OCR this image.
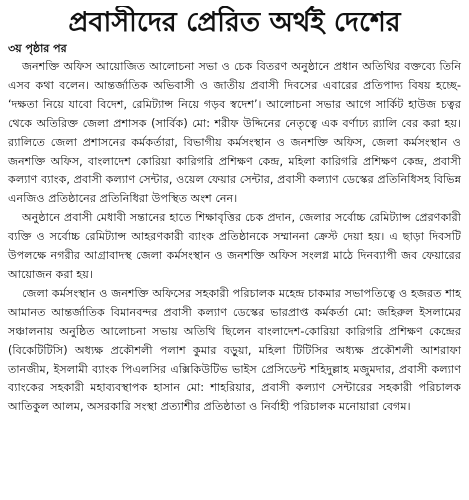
প্রবাসীদের প্রেরিত অর্থই দেশের
৩য় পৃষ্ঠার পর

জনশক্তি অফিস আয়োজিত আলোচনা সভা ও চেক বিতরণ অনুষ্ঠানে প্রধান অতিথির বক্তব্যে তিনি এসব কথা বলেন। আন্তর্জাতিক অভিবাসী ও জাতীয় প্রবাসী দিবসের এবারের প্রতিপাদ্য বিষয় হচ্ছে- ‘দক্ষতা নিয়ে যাবো বিদেশ, রেমিট্যান্স নিয়ে গড়ব স্বদেশ’। আলোচনা সভার আগে সার্কিট হাউজ চত্বর থেকে অতিরিক্ত জেলা প্রশাসক (সার্বিক) মো: শরীফ উদ্দিনের নেতৃত্বে এক বর্ণাঢ্য র‍্যালি বের করা হয়। র‍্যালিতে জেলা প্রশাসনের কর্মকর্তারা, বিভাগীয় কর্মসংস্থান ও জনশক্তি অফিস, জেলা কর্মসংস্থান ও জনশক্তি অফিস, বাংলাদেশ কোরিয়া কারিগরি প্রশিক্ষণ কেন্দ্র, মহিলা কারিগরি প্রশিক্ষণ কেন্দ্র, প্রবাসী কল্যাণ ব্যাংক, প্রবাসী কল্যাণ সেন্টার, ওয়েল ফেয়ার সেন্টার, প্রবাসী কল্যাণ ডেস্কের প্রতিনিধিসহ বিভিন্ন এনজিও প্রতিষ্ঠানের প্রতিনিধিরা উপস্থিত অংশ নেন।

অনুষ্ঠানে প্রবাসী মেধাবী সন্তানের হাতে শিক্ষাবৃত্তির চেক প্রদান, জেলার সর্বোচ্চ রেমিট্যান্স প্রেরণকারী ব্যক্তি ও সর্বোচ্চ রেমিট্যান্স আহরণকারী ব্যাংক প্রতিষ্ঠানকে সম্মাননা ক্রেস্ট দেয়া হয়। এ ছাড়া দিবসটি উপলক্ষে নগরীর আগ্রাবাদস্থ জেলা কর্মসংস্থান ও জনশক্তি অফিস সংলগ্ন মাঠে দিনব্যাপী জব ফেয়ারের আয়োজন করা হয়।

জেলা কর্মসংস্থান ও জনশক্তি অফিসের সহকারী পরিচালক মহেন্দ্র চাকমার সভাপতিত্বে ও হজরত শাহ আমানত আন্তর্জাতিক বিমানবন্দর প্রবাসী কল্যাণ ডেস্কের ভারপ্রাপ্ত কর্মকর্তা মো: জহিরুল ইসলামের সঞ্চালনায় অনুষ্ঠিত আলোচনা সভায় অতিথি ছিলেন বাংলাদেশ-কোরিয়া কারিগরি প্রশিক্ষণ কেন্দ্রের (বিকেটিটিসি) অধ্যক্ষ প্রকৌশলী পলাশ কুমার বড়ুয়া, মহিলা টিটিসির অধ্যক্ষ প্রকৌশলী আশরাফা তানজীম, ইসলামী ব্যাংক পিএলসির এক্সিকিউটিভ ভাইস প্রেসিডেন্ট শহিদুল্লাহ মজুমদার, প্রবাসী কল্যাণ ব্যাংকের সহকারী মহাব্যবস্থাপক হাসান মো: শাহরিয়ার, প্রবাসী কল্যাণ সেন্টারের সহকারী পরিচালক আতিকুল আলম, অসরকারি সংস্থা প্রত্যাশীর প্রতিষ্ঠাতা ও নির্বাহী পরিচালক মনোয়ারা বেগম।
